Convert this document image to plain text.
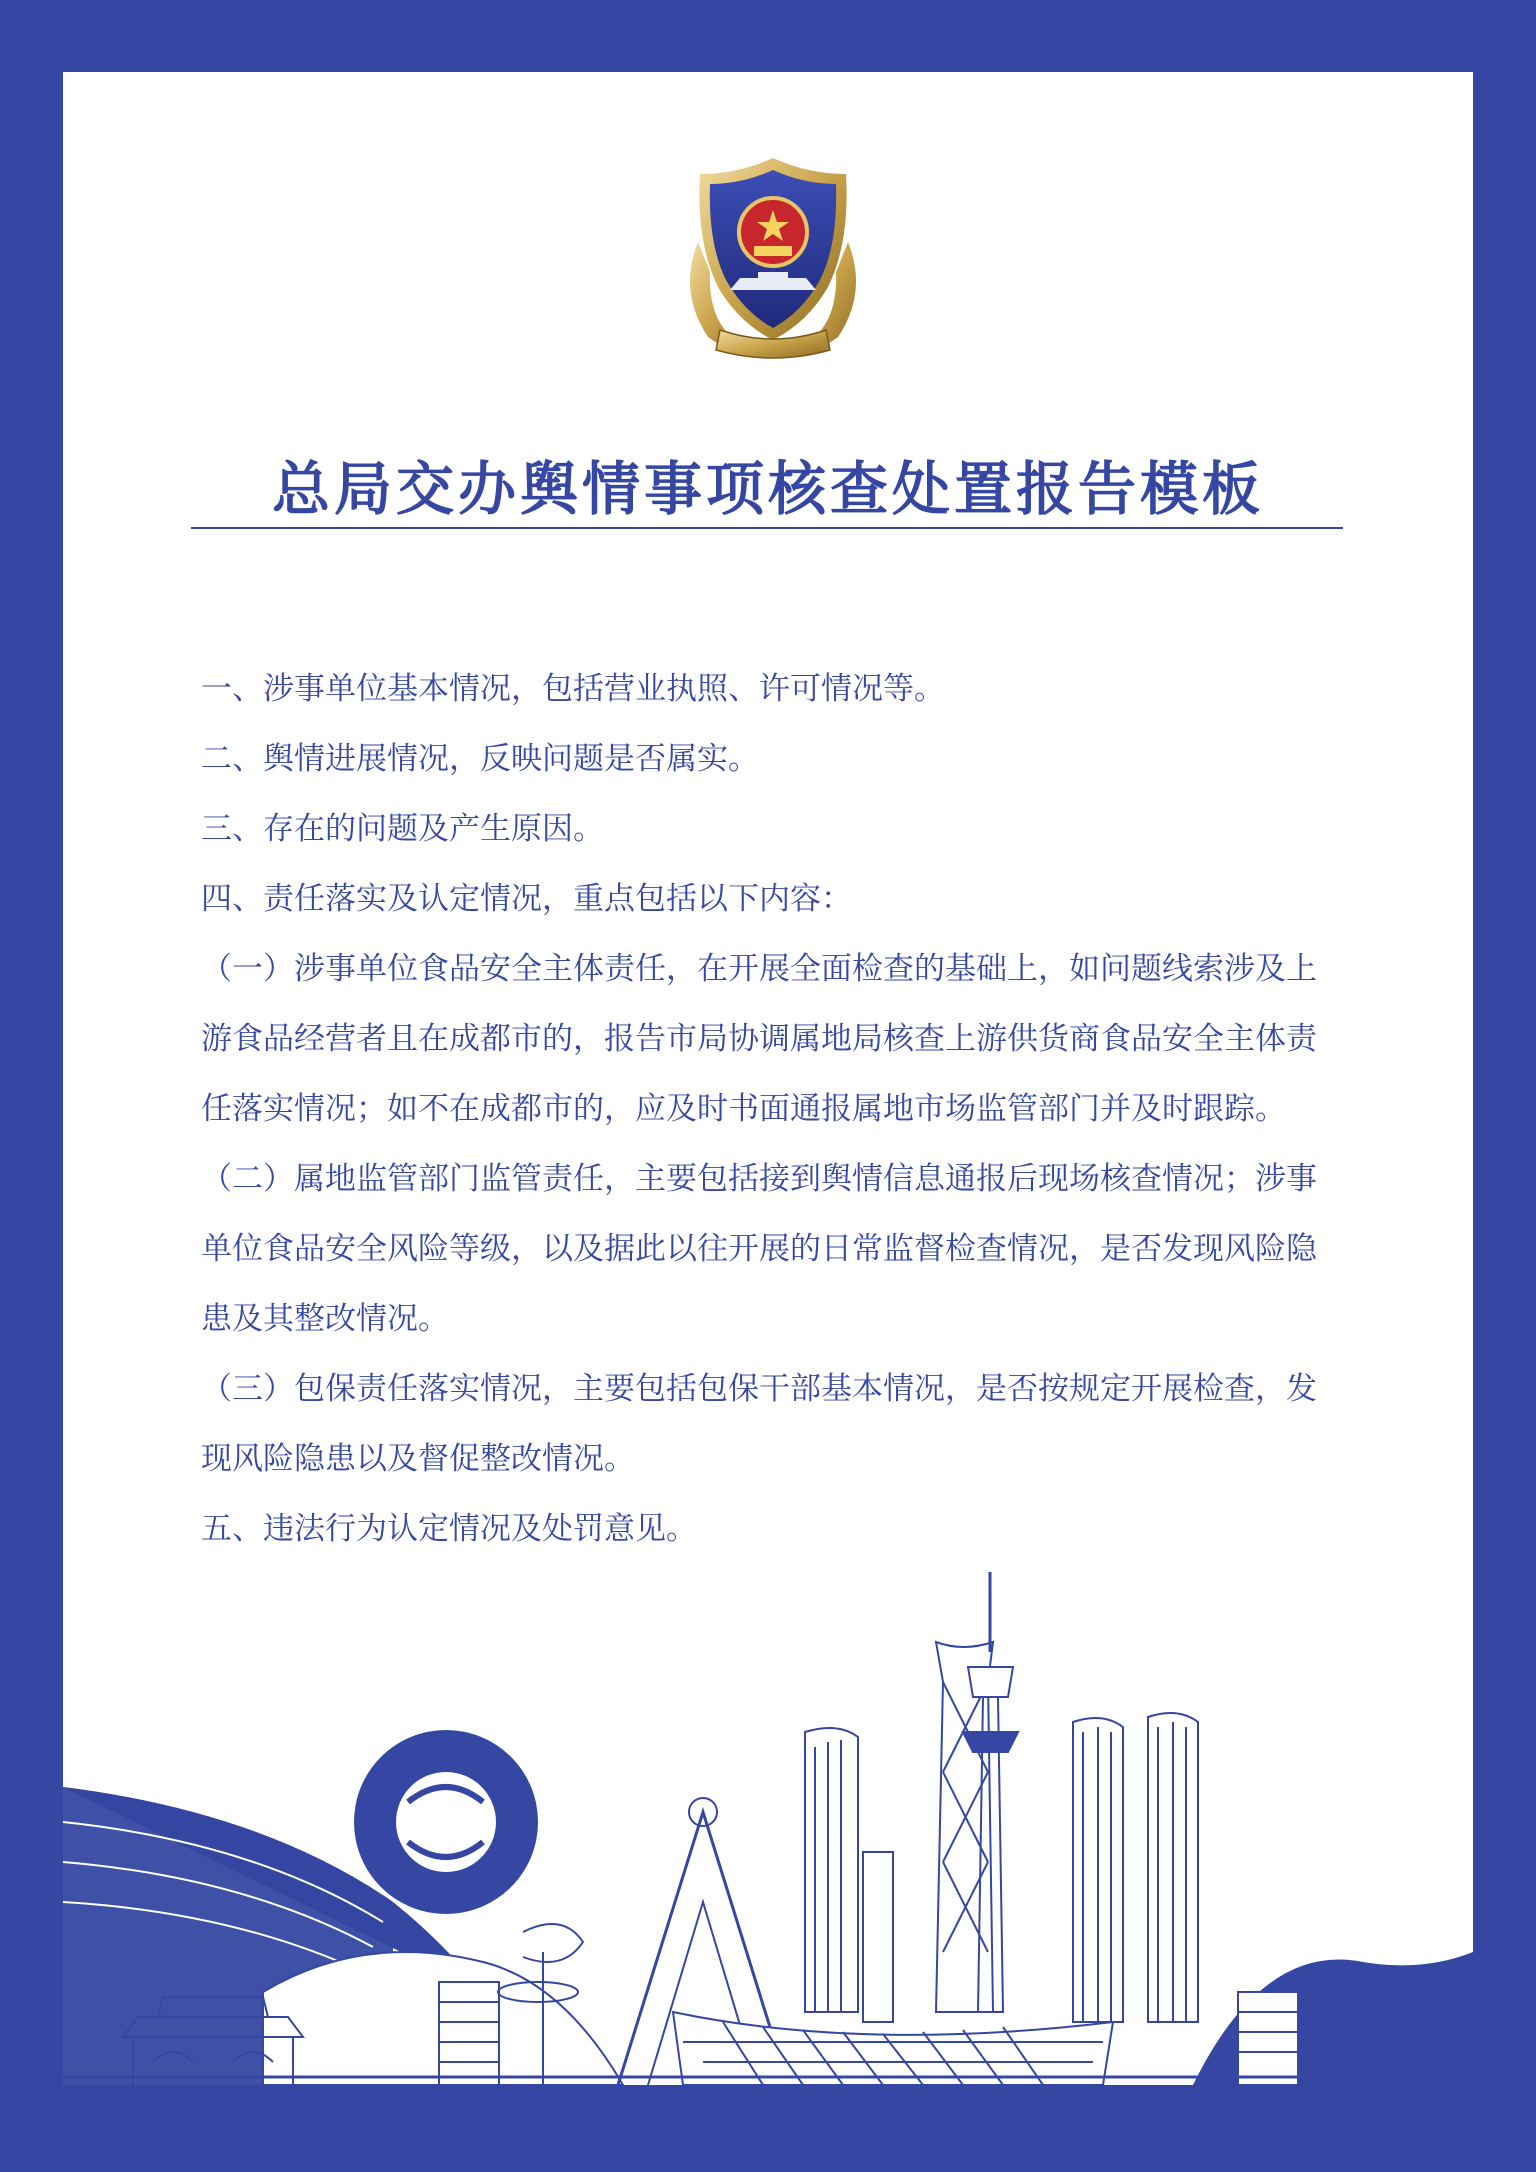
总局交办舆情事项核查处置报告模板

一、涉事单位基本情况，包括营业执照、许可情况等。

二、舆情进展情况，反映问题是否属实。

三、存在的问题及产生原因。

四、责任落实及认定情况，重点包括以下内容：

（一）涉事单位食品安全主体责任，在开展全面检查的基础上，如问题线索涉及上游食品经营者且在成都市的，报告市局协调属地局核查上游供货商食品安全主体责任落实情况；如不在成都市的，应及时书面通报属地市场监管部门并及时跟踪。

（二）属地监管部门监管责任，主要包括接到舆情信息通报后现场核查情况；涉事单位食品安全风险等级，以及据此以往开展的日常监督检查情况，是否发现风险隐患及其整改情况。

（三）包保责任落实情况，主要包括包保干部基本情况，是否按规定开展检查，发现风险隐患以及督促整改情况。

五、违法行为认定情况及处罚意见。
